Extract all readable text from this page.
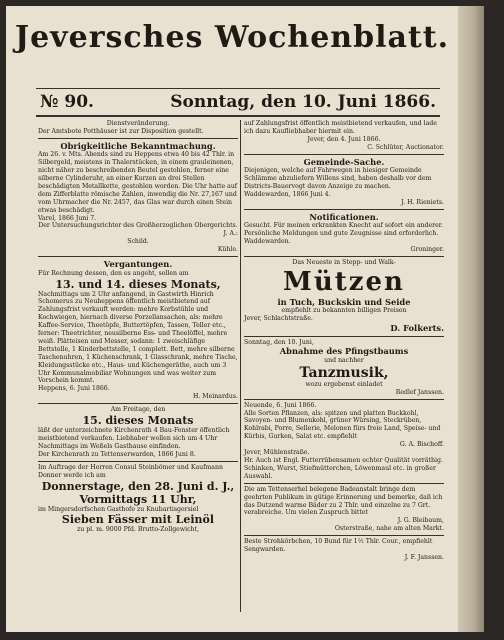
Jeversches Wochenblatt.
№ 90.	Sonntag, den 10. Juni 1866.

Dienstveränderung.

Der Amtsbote Potthäuser ist zur Disposition gestellt.

Obrigkeitliche Bekanntmachung.

Am 26. v. Mts. Abends sind zu Heppens etwa 40 bis 42 Thlr. in Silbergeld, meistens in Thalerstücken, in einem grauleinenen, nicht näher zu beschreibenden Beutel gestohlen, ferner eine silberne Cylinderuhr, an einer Kurzen an drei Stellen beschädigten Metallkette, gestohlen worden. Die Uhr hatte auf dem Zifferblatte römische Zahlen, inwendig die Nr. 27,167 und vom Uhrmacher die Nr. 2457, das Glas war durch einen Stein etwas beschädigt.

Varel, 1866 Juni 7.

Der Untersuchungsrichter des Großherzoglichen Obergerichts.

J. A.:

Schild.

Kühle.

Vergantungen.

Für Rechnung dessen, den es angeht, sollen am

13. und 14. dieses Monats,

Nachmittags um 2 Uhr anfangend, in Gastwirth Hinrich Schomerus zu Neuheppens öffentlich meistbietend auf Zahlungsfrist verkauft werden: mehre Korbstühle und Kochwiegen, hiernach diverse Porzellansachen, als: mehre Kaffee-Service, Theetöpfe, Buttertöpfen, Tassen, Teller etc., ferner: Theetrichter, neusilberne Ess- und Theelöffel, mehre weiß. Plätteisen und Messer, sodann: 1 zweischläfige Bettstelle, 1 Kinderbettstelle, 1 complett. Bett, mehre silberne Taschenuhren, 1 Küchenschrank, 1 Glasschrank, mehre Tische, Kleidungsstücke etc., Haus- und Küchengeräthe, auch um 3 Uhr Kommunalmobiliar Wohnungen und was weiter zum Vorschein kommt.

Heppens, 6. Juni 1866.

H. Meinardus.

Am Freitage, den

15. dieses Monats

läßt der unterzeichnete Kirchenrath 4 Bau-Fenster öffentlich meistbietend verkaufen. Liebhaber wollen sich um 4 Uhr Nachmittags im Weßels Gasthause einfinden.

Der Kirchenrath zu Tettenserwarden, 1866 Juni 8.

Im Auftrage der Herren Consul Steinbömer und Kaufmann Donner werde ich am

Donnerstage, den 28. Juni d. J., Vormittags 11 Uhr,

im Mingersdorfschen Gasthofe zu Knubartisgersiel

Sieben Fässer mit Leinöl

zu pl. m. 9000 Pfd. Brutto-Zollgewicht,

auf Zahlungsfrist öffentlich meistbietend verkaufen, und lade ich dazu Kaufliebhaber hiermit ein.

Jever, den 4. Juni 1866.

C. Schlüter, Auctionator.

Gemeinde-Sache.

Diejenigen, welche auf Fahrwegen in hiesiger Gemeinde Schlämme abzuliefern Willens sind, haben deshalb vor dem Districts-Bauervogt davon Anzeige zu machen.

Waddewarden, 1866 Juni 4.

J. H. Rieniets.

Notificationen.

Gesucht. Für meinen erkrankten Knecht auf sofort ein anderer. Persönliche Meldungen und gute Zeugnisse sind erforderlich.

Waddewarden.

Groninger.

Das Neueste in Stepp- und Walk-

Mützen

in Tuch, Buckskin und Seide

empfiehlt zu bekannten billigen Preisen

Jever, Schlachtstraße.

D. Folkerts.

Sonntag, den 10. Juni,

Abnahme des Pfingstbaums

und nachher

Tanzmusik,

wozu ergebenst einladet

Redlef Janssen.

Neuende, 6. Juni 1866.

Alle Sorten Pflanzen, als: spitzen und platten Buckkohl, Savoyen- und Blumenkohl, grüner Würsing, Steckrüben, Kohlrabi, Porre, Sellerie, Melonen fürs freie Land, Speise- und Kürbis, Gurken, Salat etc. empfiehlt

G. A. Bischoff.

Jever, Mühlenstraße.

Hr. Auch ist Engl. Futterrübensamen echter Qualität vorräthig. Schinken, Wurst, Stiefmütterchen, Löwenmaul etc. in großer Auswahl.

Die am Tettenserhel belegene Badeanstalt bringe dem geehrten Publikum in gütige Erinnerung und bemerke, daß ich das Dutzend warme Bäder zu 2 Thlr. und einzelne zu 7 Grt. verabreiche. Um vielen Zuspruch bittet

J. G. Bleibaum,

Osterstraße, nahe am alten Markt.

Beste Strohkörbchen, 10 Bund für 1½ Thlr. Cour., empfiehlt

Sengwarden.

J. F. Janssen.
